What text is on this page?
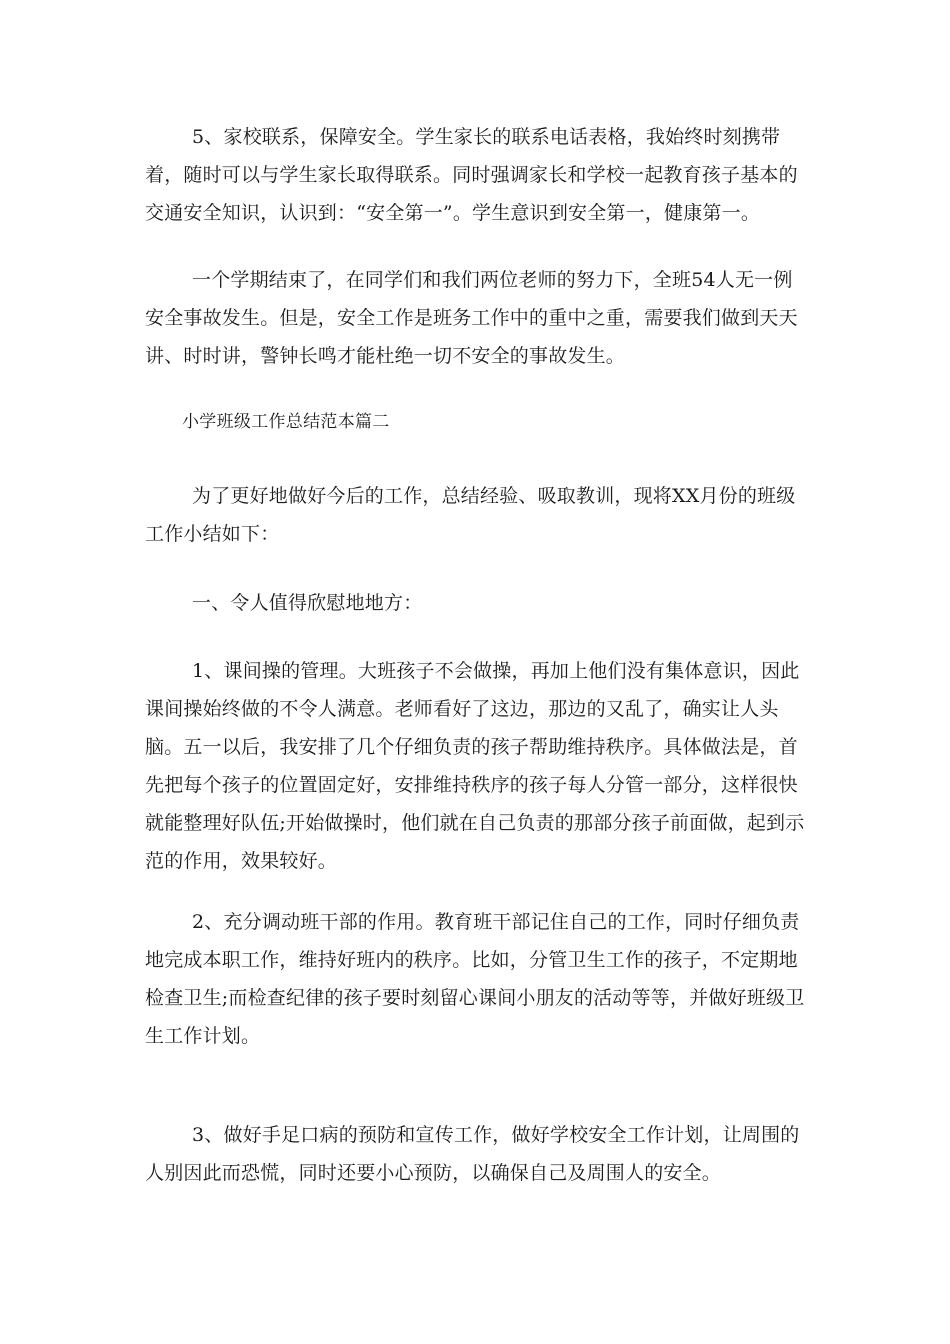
5、家校联系，保障安全。学生家长的联系电话表格，我始终时刻携带着，随时可以与学生家长取得联系。同时强调家长和学校一起教育孩子基本的交通安全知识，认识到：“安全第一”。学生意识到安全第一，健康第一。

一个学期结束了，在同学们和我们两位老师的努力下，全班54人无一例安全事故发生。但是，安全工作是班务工作中的重中之重，需要我们做到天天讲、时时讲，警钟长鸣才能杜绝一切不安全的事故发生。

小学班级工作总结范本篇二

为了更好地做好今后的工作，总结经验、吸取教训，现将XX月份的班级工作小结如下：

一、令人值得欣慰地地方：

1、课间操的管理。大班孩子不会做操，再加上他们没有集体意识，因此课间操始终做的不令人满意。老师看好了这边，那边的又乱了，确实让人头脑。五一以后，我安排了几个仔细负责的孩子帮助维持秩序。具体做法是，首先把每个孩子的位置固定好，安排维持秩序的孩子每人分管一部分，这样很快就能整理好队伍;开始做操时，他们就在自己负责的那部分孩子前面做，起到示范的作用，效果较好。

2、充分调动班干部的作用。教育班干部记住自己的工作，同时仔细负责地完成本职工作，维持好班内的秩序。比如，分管卫生工作的孩子，不定期地检查卫生;而检查纪律的孩子要时刻留心课间小朋友的活动等等，并做好班级卫生工作计划。

3、做好手足口病的预防和宣传工作，做好学校安全工作计划，让周围的人别因此而恐慌，同时还要小心预防，以确保自己及周围人的安全。
